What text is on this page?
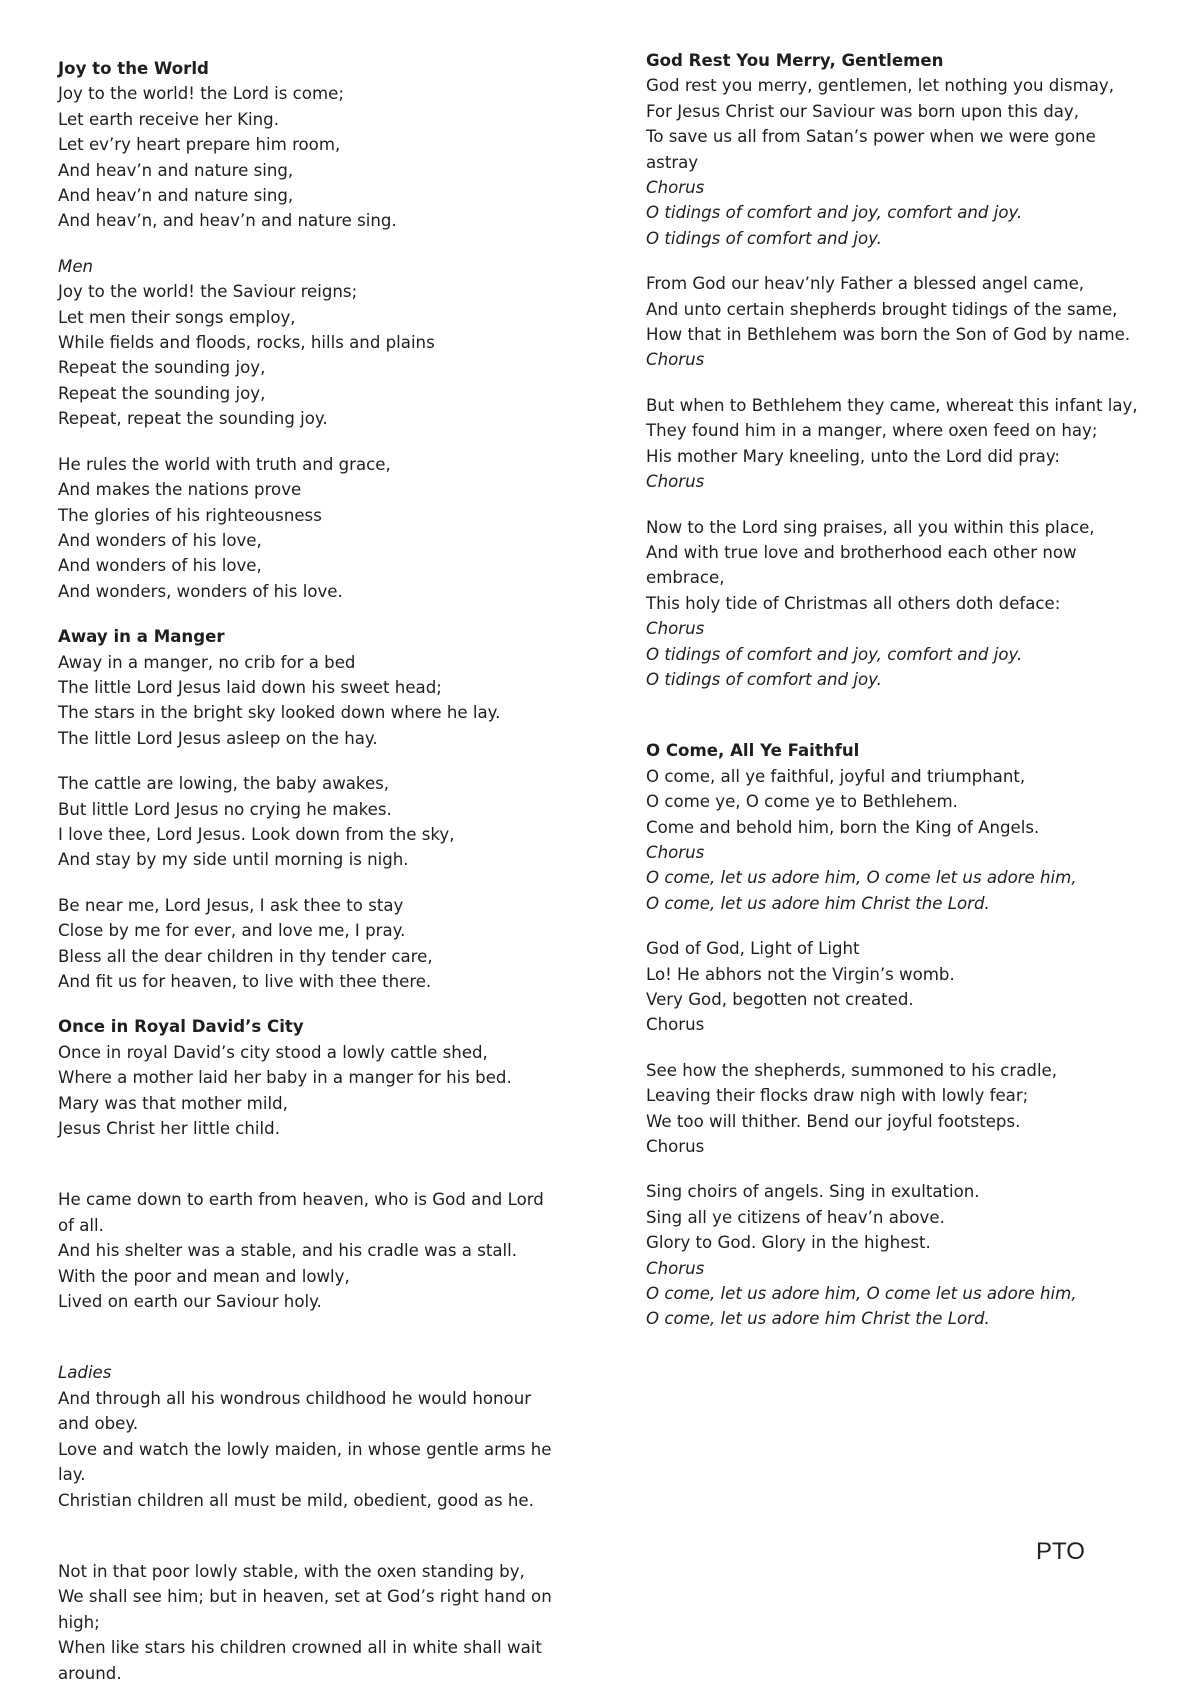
Joy to the World
Joy to the world! the Lord is come;
Let earth receive her King.
Let ev’ry heart prepare him room,
And heav’n and nature sing,
And heav’n and nature sing,
And heav’n, and heav’n and nature sing.
Men
Joy to the world! the Saviour reigns;
Let men their songs employ,
While fields and floods, rocks, hills and plains
Repeat the sounding joy,
Repeat the sounding joy,
Repeat, repeat the sounding joy.
He rules the world with truth and grace,
And makes the nations prove
The glories of his righteousness
And wonders of his love,
And wonders of his love,
And wonders, wonders of his love.
Away in a Manger
Away in a manger, no crib for a bed
The little Lord Jesus laid down his sweet head;
The stars in the bright sky looked down where he lay.
The little Lord Jesus asleep on the hay.
The cattle are lowing, the baby awakes,
But little Lord Jesus no crying he makes.
I love thee, Lord Jesus. Look down from the sky,
And stay by my side until morning is nigh.
Be near me, Lord Jesus, I ask thee to stay
Close by me for ever, and love me, I pray.
Bless all the dear children in thy tender care,
And fit us for heaven, to live with thee there.
Once in Royal David’s City
Once in royal David’s city stood a lowly cattle shed,
Where a mother laid her baby in a manger for his bed.
Mary was that mother mild,
Jesus Christ her little child.
He came down to earth from heaven, who is God and Lord
of all.
And his shelter was a stable, and his cradle was a stall.
With the poor and mean and lowly,
Lived on earth our Saviour holy.
Ladies
And through all his wondrous childhood he would honour
and obey.
Love and watch the lowly maiden, in whose gentle arms he
lay.
Christian children all must be mild, obedient, good as he.
Not in that poor lowly stable, with the oxen standing by,
We shall see him; but in heaven, set at God’s right hand on
high;
When like stars his children crowned all in white shall wait
around.
God Rest You Merry, Gentlemen
God rest you merry, gentlemen, let nothing you dismay,
For Jesus Christ our Saviour was born upon this day,
To save us all from Satan’s power when we were gone
astray
Chorus
O tidings of comfort and joy, comfort and joy.
O tidings of comfort and joy.
From God our heav’nly Father a blessed angel came,
And unto certain shepherds brought tidings of the same,
How that in Bethlehem was born the Son of God by name.
Chorus
But when to Bethlehem they came, whereat this infant lay,
They found him in a manger, where oxen feed on hay;
His mother Mary kneeling, unto the Lord did pray:
Chorus
Now to the Lord sing praises, all you within this place,
And with true love and brotherhood each other now
embrace,
This holy tide of Christmas all others doth deface:
Chorus
O tidings of comfort and joy, comfort and joy.
O tidings of comfort and joy.
O Come, All Ye Faithful
O come, all ye faithful, joyful and triumphant,
O come ye, O come ye to Bethlehem.
Come and behold him, born the King of Angels.
Chorus
O come, let us adore him, O come let us adore him,
O come, let us adore him Christ the Lord.
God of God, Light of Light
Lo! He abhors not the Virgin’s womb.
Very God, begotten not created.
Chorus
See how the shepherds, summoned to his cradle,
Leaving their flocks draw nigh with lowly fear;
We too will thither. Bend our joyful footsteps.
Chorus
Sing choirs of angels. Sing in exultation.
Sing all ye citizens of heav’n above.
Glory to God. Glory in the highest.
Chorus
O come, let us adore him, O come let us adore him,
O come, let us adore him Christ the Lord.
PTO
